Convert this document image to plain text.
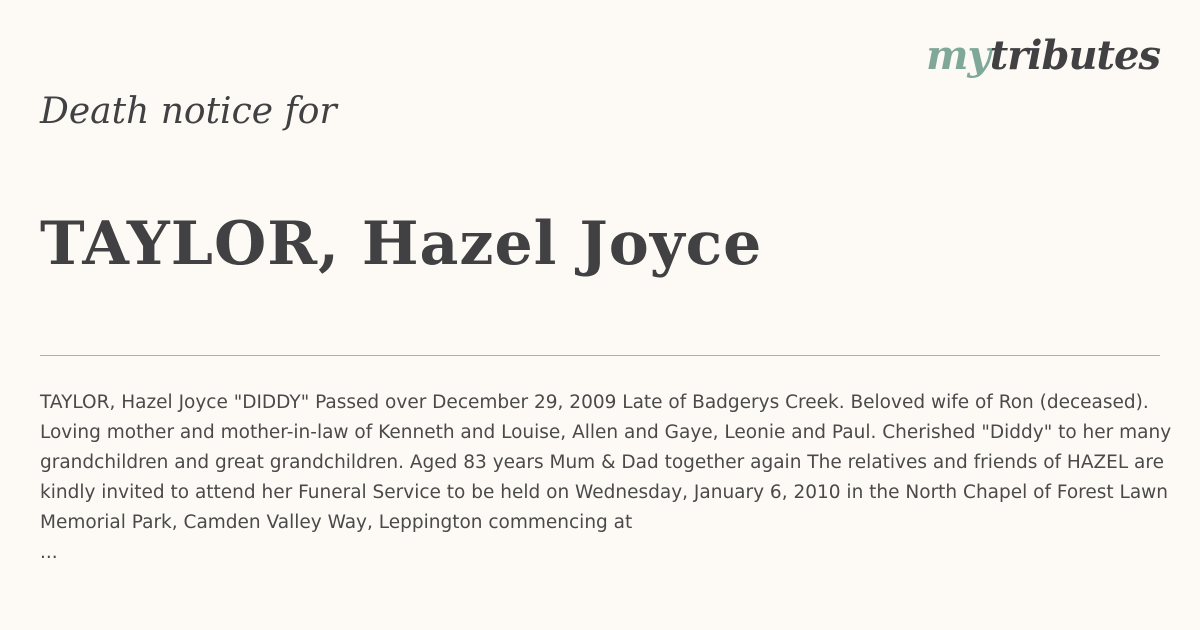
mytributes
Death notice for
TAYLOR, Hazel Joyce

TAYLOR, Hazel Joyce "DIDDY" Passed over December 29, 2009 Late of Badgerys Creek. Beloved wife of Ron (deceased). Loving mother and mother-in-law of Kenneth and Louise, Allen and Gaye, Leonie and Paul. Cherished "Diddy" to her many grandchildren and great grandchildren. Aged 83 years Mum & Dad together again The relatives and friends of HAZEL are kindly invited to attend her Funeral Service to be held on Wednesday, January 6, 2010 in the North Chapel of Forest Lawn Memorial Park, Camden Valley Way, Leppington commencing at

...
